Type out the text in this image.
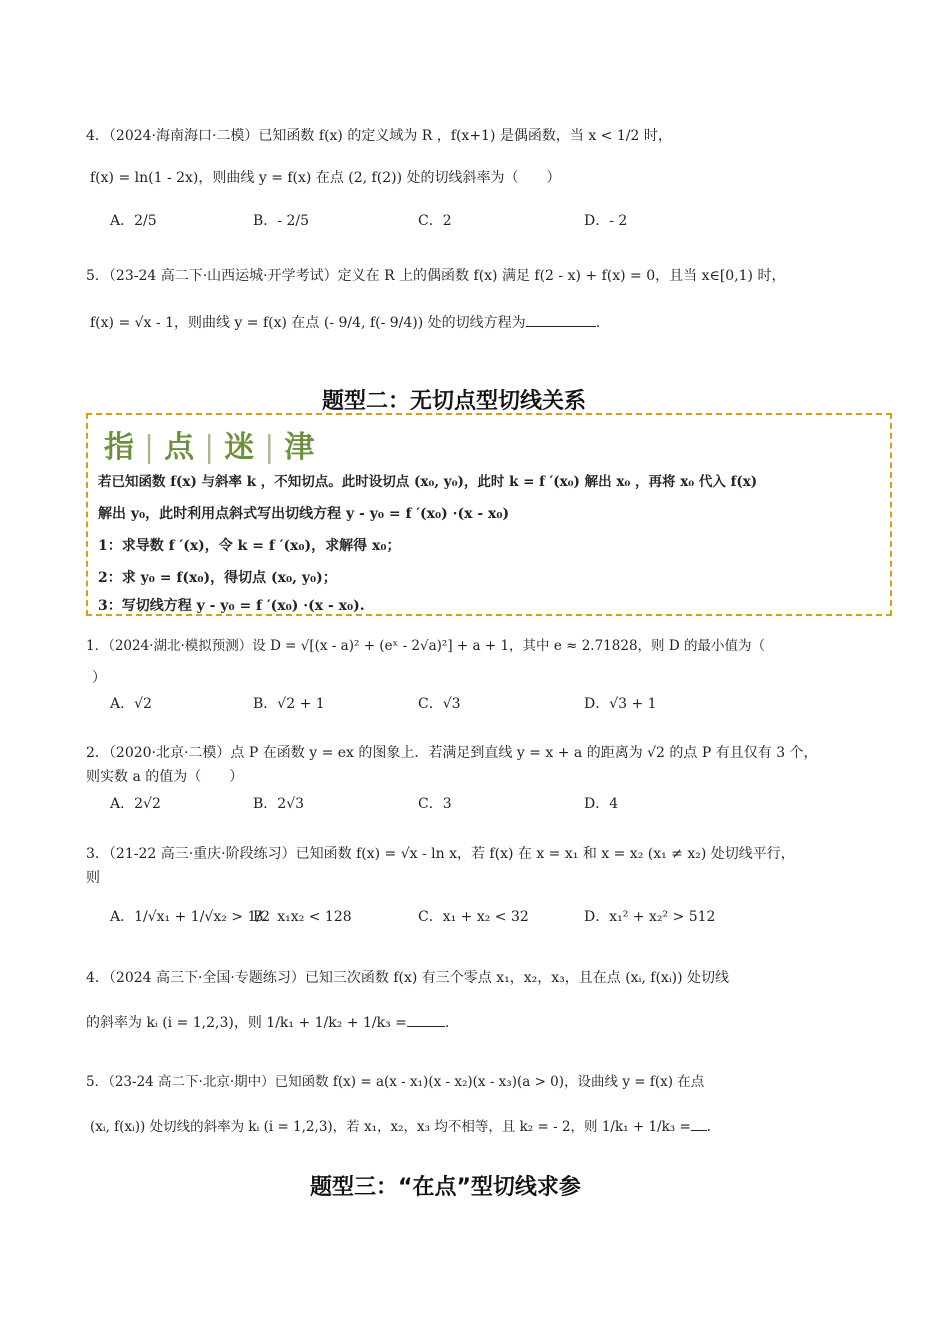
4．（2024·海南海口·二模）已知函数 f(x) 的定义域为 R ，f(x+1) 是偶函数，当 x < 1/2 时，
f(x) = ln(1 - 2x)，则曲线 y = f(x) 在点 (2, f(2)) 处的切线斜率为（　　）
A．2/5	B．- 2/5	C．2	D．- 2
5．（23-24 高二下·山西运城·开学考试）定义在 R 上的偶函数 f(x) 满足 f(2 - x) + f(x) = 0，且当 x∈[0,1) 时，
f(x) = √x - 1，则曲线 y = f(x) 在点 (- 9/4, f(- 9/4)) 处的切线方程为	.
题型二：无切点型切线关系
指 | 点 | 迷 | 津
若已知函数 f(x) 与斜率 k ，不知切点。此时设切点 (x₀, y₀)，此时 k = f ′(x₀) 解出 x₀ ，再将 x₀ 代入 f(x)
解出 y₀，此时利用点斜式写出切线方程 y - y₀ = f ′(x₀) ·(x - x₀)
1：求导数 f ′(x)，令 k = f ′(x₀)，求解得 x₀；
2：求 y₀ = f(x₀)，得切点 (x₀, y₀)；
3：写切线方程 y - y₀ = f ′(x₀) ·(x - x₀).
1．（2024·湖北·模拟预测）设 D = √[(x - a)² + (eˣ - 2√a)²] + a + 1，其中 e ≈ 2.71828，则 D 的最小值为（
）
A．√2	B．√2 + 1	C．√3	D．√3 + 1
2．（2020·北京·二模）点 P 在函数 y = ex 的图象上．若满足到直线 y = x + a 的距离为 √2 的点 P 有且仅有 3 个，
则实数 a 的值为（　　）
A．2√2	B．2√3	C．3	D．4
3．（21-22 高三·重庆·阶段练习）已知函数 f(x) = √x - ln x，若 f(x) 在 x = x₁ 和 x = x₂ (x₁ ≠ x₂) 处切线平行，
则
A．1/√x₁ + 1/√x₂ > 1/2
B．x₁x₂ < 128	C．x₁ + x₂ < 32	D．x₁² + x₂² > 512
4．（2024 高三下·全国·专题练习）已知三次函数 f(x) 有三个零点 x₁，x₂，x₃，且在点 (xᵢ, f(xᵢ)) 处切线
的斜率为 kᵢ (i = 1,2,3)，则 1/k₁ + 1/k₂ + 1/k₃ =	.
5．（23-24 高二下·北京·期中）已知函数 f(x) = a(x - x₁)(x - x₂)(x - x₃)(a > 0)，设曲线 y = f(x) 在点
(xᵢ, f(xᵢ)) 处切线的斜率为 kᵢ (i = 1,2,3)，若 x₁，x₂，x₃ 均不相等，且 k₂ = - 2，则 1/k₁ + 1/k₃ = .
题型三：“在点”型切线求参
